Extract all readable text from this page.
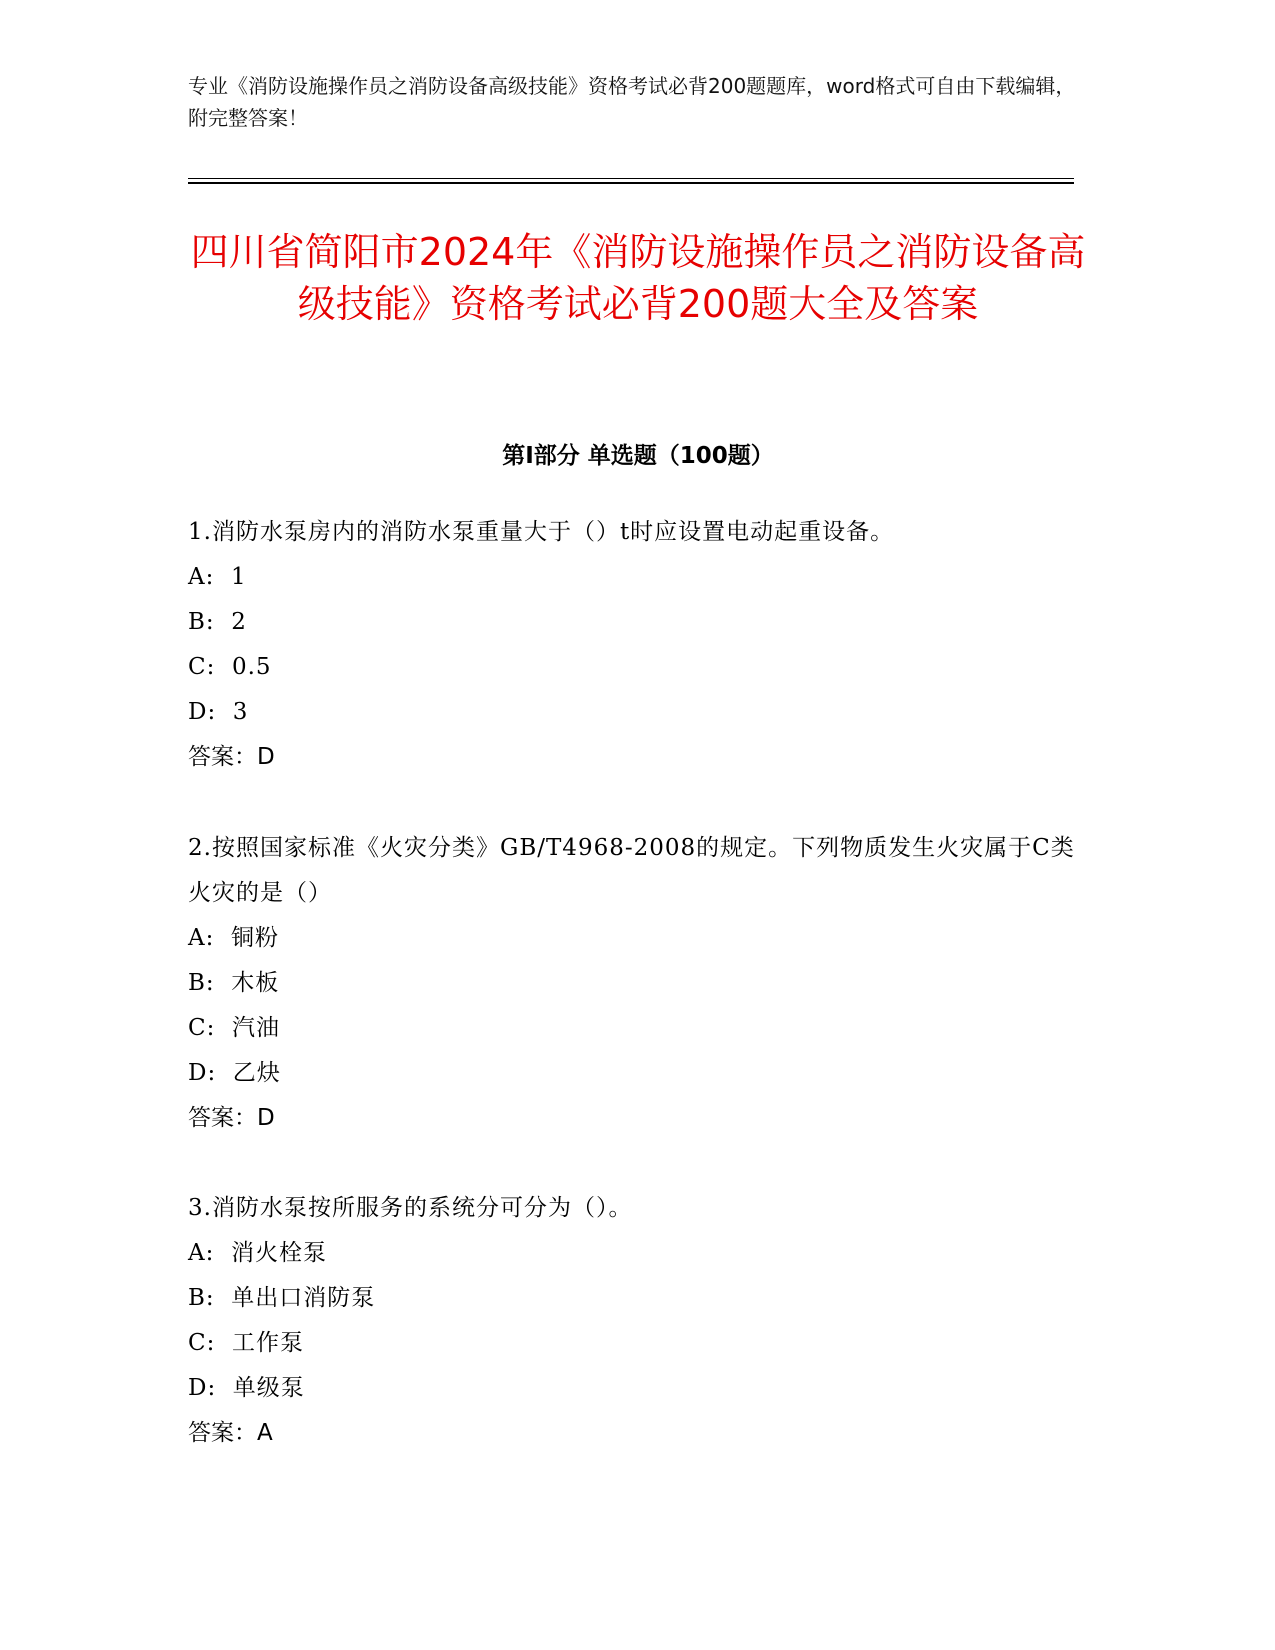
专业《消防设施操作员之消防设备高级技能》资格考试必背200题题库，word格式可自由下载编辑，附完整答案！

四川省简阳市2024年《消防设施操作员之消防设备高级技能》资格考试必背200题大全及答案
第Ⅰ部分 单选题（100题）

1.消防水泵房内的消防水泵重量大于（）t时应设置电动起重设备。

A:  1

B:  2

C:  0.5

D:  3

答案：D

2.按照国家标准《火灾分类》GB/T4968-2008的规定。下列物质发生火灾属于C类火灾的是（）

A:  铜粉

B:  木板

C:  汽油

D:  乙炔

答案：D

3.消防水泵按所服务的系统分可分为（）。

A:  消火栓泵

B:  单出口消防泵

C:  工作泵

D:  单级泵

答案：A
